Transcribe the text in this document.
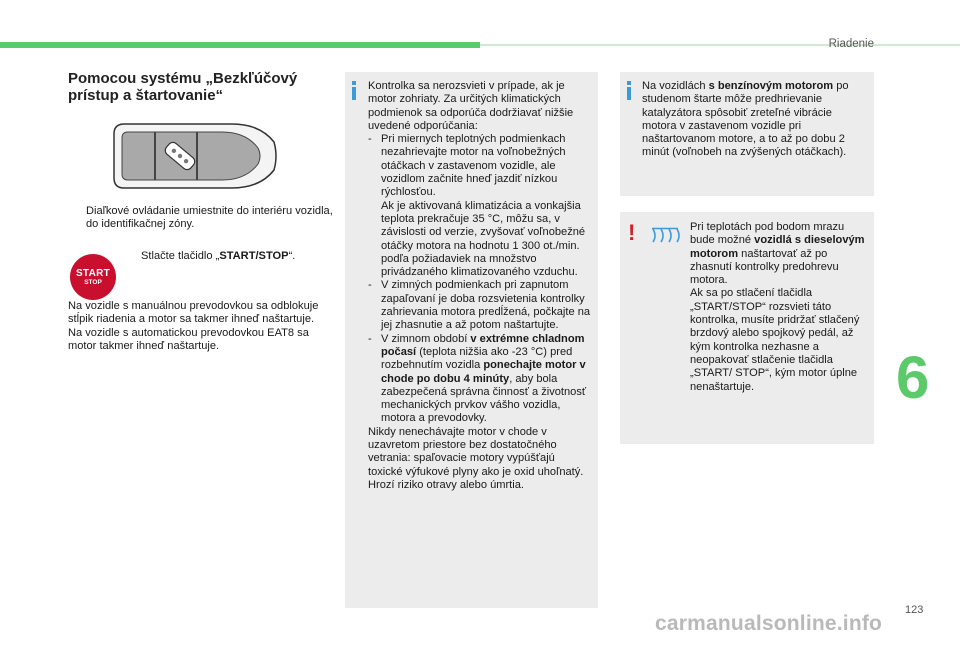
Riadenie
6
123
Pomocou systému „Bezkľúčový prístup a štartovanie“
Diaľkové ovládanie umiestnite do interiéru vozidla, do identifikačnej zóny.
START
STOP
Stlačte tlačidlo „START/STOP“.
Na vozidle s manuálnou prevodovkou sa odblokuje stĺpik riadenia a motor sa takmer ihneď naštartuje.
Na vozidle s automatickou prevodovkou EAT8 sa motor takmer ihneď naštartuje.
!

Kontrolka sa nerozsvieti v prípade, ak je motor zohriaty. Za určitých klimatických podmienok sa odporúča dodržiavať nižšie uvedené odporúčania:

- Pri miernych teplotných podmienkach nezahrievajte motor na voľnobežných otáčkach v zastavenom vozidle, ale vozidlom začnite hneď jazdiť nízkou rýchlosťou.
Ak je aktivovaná klimatizácia a vonkajšia teplota prekračuje 35 °C, môžu sa, v závislosti od verzie, zvyšovať voľnobežné otáčky motora na hodnotu 1 300 ot./min. podľa požiadaviek na množstvo privádzaného klimatizovaného vzduchu.
- V zimných podmienkach pri zapnutom zapaľovaní je doba rozsvietenia kontrolky zahrievania motora predĺžená, počkajte na jej zhasnutie a až potom naštartujte.
- V zimnom období v extrémne chladnom počasí (teplota nižšia ako -23 °C) pred rozbehnutím vozidla ponechajte motor v chode po dobu 4 minúty, aby bola zabezpečená správna činnosť a životnosť mechanických prvkov vášho vozidla, motora a prevodovky.

Nikdy nenechávajte motor v chode v uzavretom priestore bez dostatočného vetrania: spaľovacie motory vypúšťajú toxické výfukové plyny ako je oxid uhoľnatý. Hrozí riziko otravy alebo úmrtia.

Na vozidlách s benzínovým motorom po studenom štarte môže predhrievanie katalyzátora spôsobiť zreteľné vibrácie motora v zastavenom vozidle pri naštartovanom motore, a to až po dobu 2 minút (voľnobeh na zvýšených otáčkach).
Pri teplotách pod bodom mrazu bude možné vozidlá s dieselovým motorom naštartovať až po zhasnutí kontrolky predohrevu motora.
Ak sa po stlačení tlačidla „START/STOP“ rozsvieti táto kontrolka, musíte pridržať stlačený brzdový alebo spojkový pedál, až kým kontrolka nezhasne a neopakovať stlačenie tlačidla „START/ STOP“, kým motor úplne nenaštartuje.
carmanualsonline.info
